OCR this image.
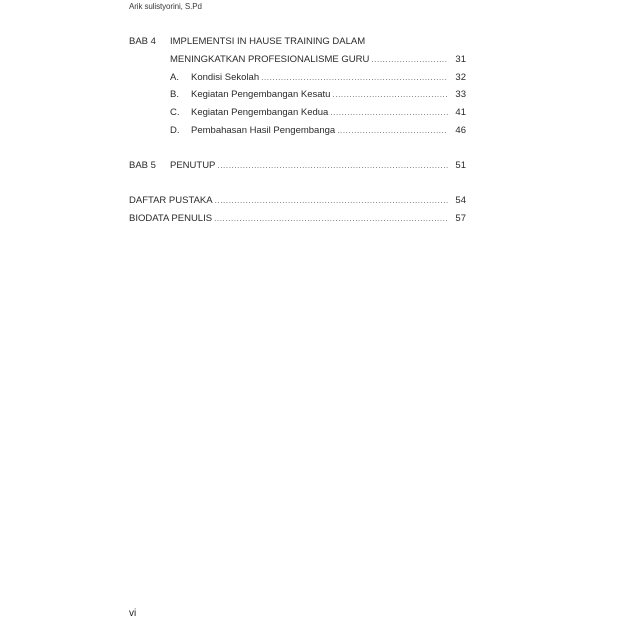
Arik sulistyorini, S.Pd
BAB 4 IMPLEMENTSI IN HAUSE TRAINING DALAM
MENINGKATKAN PROFESIONALISME GURU .....	31
A. Kondisi Sekolah .....	32
B. Kegiatan Pengembangan Kesatu .....	33
C. Kegiatan Pengembangan Kedua .....	41
D. Pembahasan Hasil Pengembanga .....	46
BAB 5 PENUTUP .....	51
DAFTAR PUSTAKA .....	54
BIODATA PENULIS .....	57
vi
